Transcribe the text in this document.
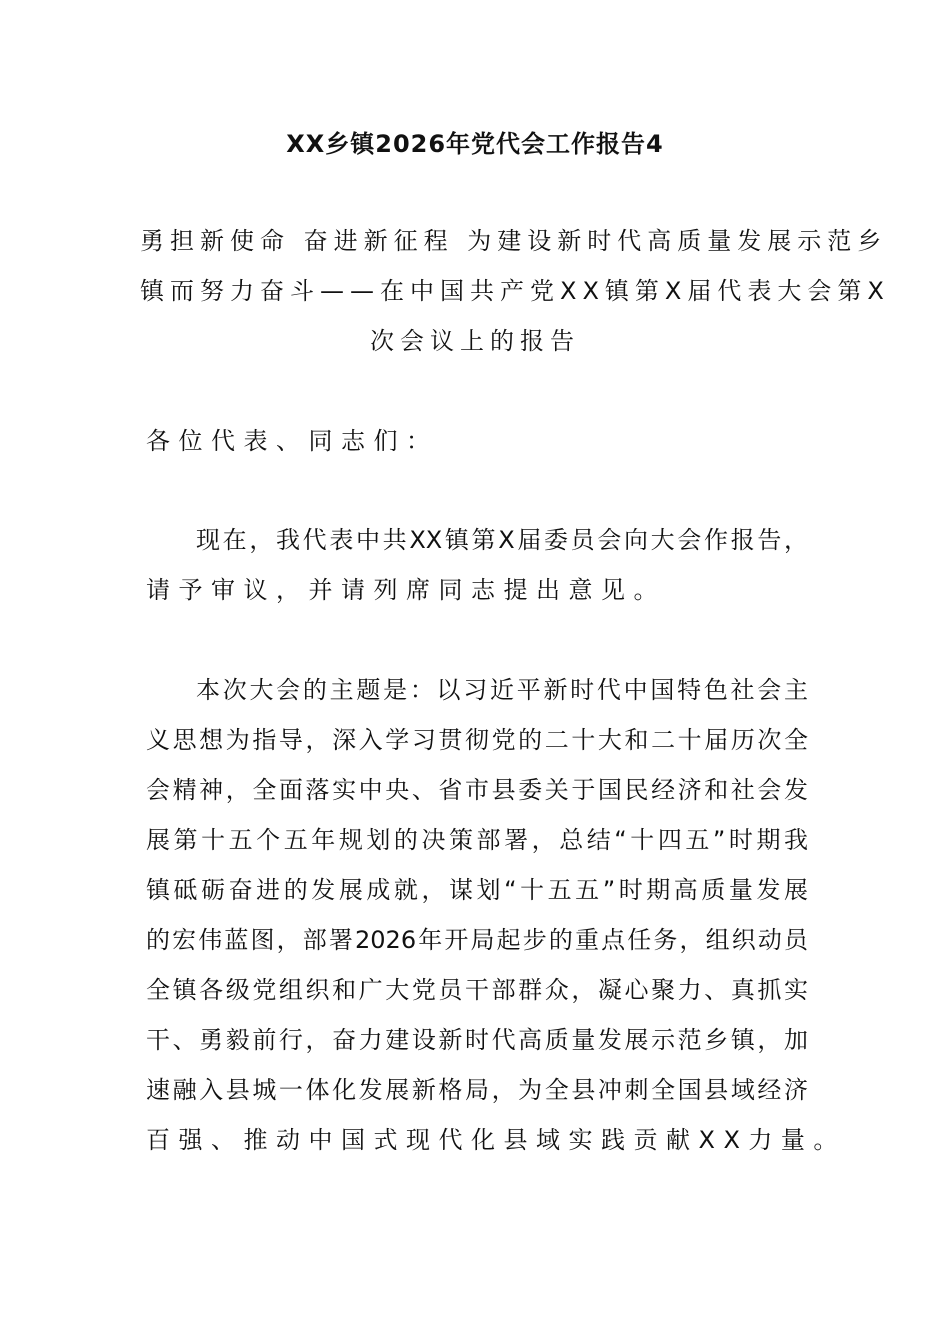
XX乡镇2026年党代会工作报告4
勇担新使命 奋进新征程 为建设新时代高质量发展示范乡
镇而努力奋斗——在中国共产党XX镇第X届代表大会第X
次会议上的报告
各位代表、同志们：
现在，我代表中共XX镇第X届委员会向大会作报告，
请予审议，并请列席同志提出意见。
本次大会的主题是：以习近平新时代中国特色社会主
义思想为指导，深入学习贯彻党的二十大和二十届历次全
会精神，全面落实中央、省市县委关于国民经济和社会发
展第十五个五年规划的决策部署，总结“十四五”时期我
镇砥砺奋进的发展成就，谋划“十五五”时期高质量发展
的宏伟蓝图，部署2026年开局起步的重点任务，组织动员
全镇各级党组织和广大党员干部群众，凝心聚力、真抓实
干、勇毅前行，奋力建设新时代高质量发展示范乡镇，加
速融入县城一体化发展新格局，为全县冲刺全国县域经济
百强、推动中国式现代化县域实践贡献XX力量。
